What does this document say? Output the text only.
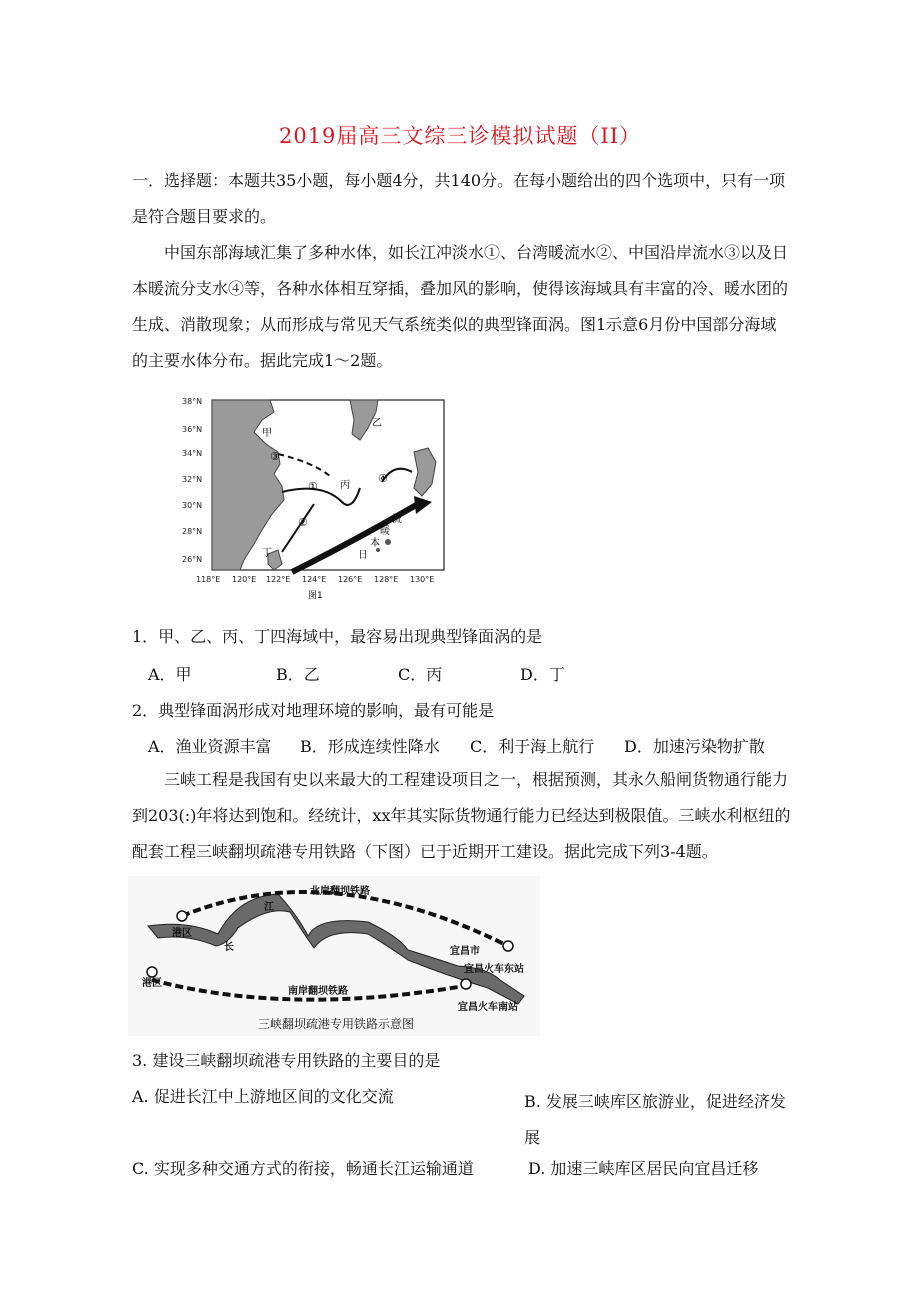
2019届高三文综三诊模拟试题（II）

一．选择题：本题共35小题，每小题4分，共140分。在每小题给出的四个选项中，只有一项是符合题目要求的。

中国东部海域汇集了多种水体，如长江冲淡水①、台湾暖流水②、中国沿岸流水③以及日本暖流分支水④等，各种水体相互穿插，叠加风的影响，使得该海域具有丰富的冷、暖水团的生成、消散现象；从而形成与常见天气系统类似的典型锋面涡。图1示意6月份中国部分海域的主要水体分布。据此完成1～2题。

甲
乙
丙
丁
①
②
③
④
日
本
暖
流
38°N
36°N
34°N
32°N
30°N
28°N
26°N
118°E 120°E 122°E 124°E 126°E 128°E 130°E
图1
1．甲、乙、丙、丁四海域中，最容易出现典型锋面涡的是
A．甲	B．乙	C．丙	D．丁
2．典型锋面涡形成对地理环境的影响，最有可能是
A．渔业资源丰富 B．形成连续性降水 C．利于海上航行 D．加速污染物扩散

三峡工程是我国有史以来最大的工程建设项目之一，根据预测，其永久船闸货物通行能力到203(:)年将达到饱和。经统计，xx年其实际货物通行能力已经达到极限值。三峡水利枢纽的配套工程三峡翻坝疏港专用铁路（下图）已于近期开工建设。据此完成下列3-4题。

北岸翻坝铁路
南岸翻坝铁路
港区
港区
江
长	宜昌市
宜昌火车东站
宜昌火车南站
三峡翻坝疏港专用铁路示意图
3. 建设三峡翻坝疏港专用铁路的主要目的是
A. 促进长江中上游地区间的文化交流	B. 发展三峡库区旅游业，促进经济发展
C. 实现多种交通方式的衔接，畅通长江运输通道	D. 加速三峡库区居民向宜昌迁移
